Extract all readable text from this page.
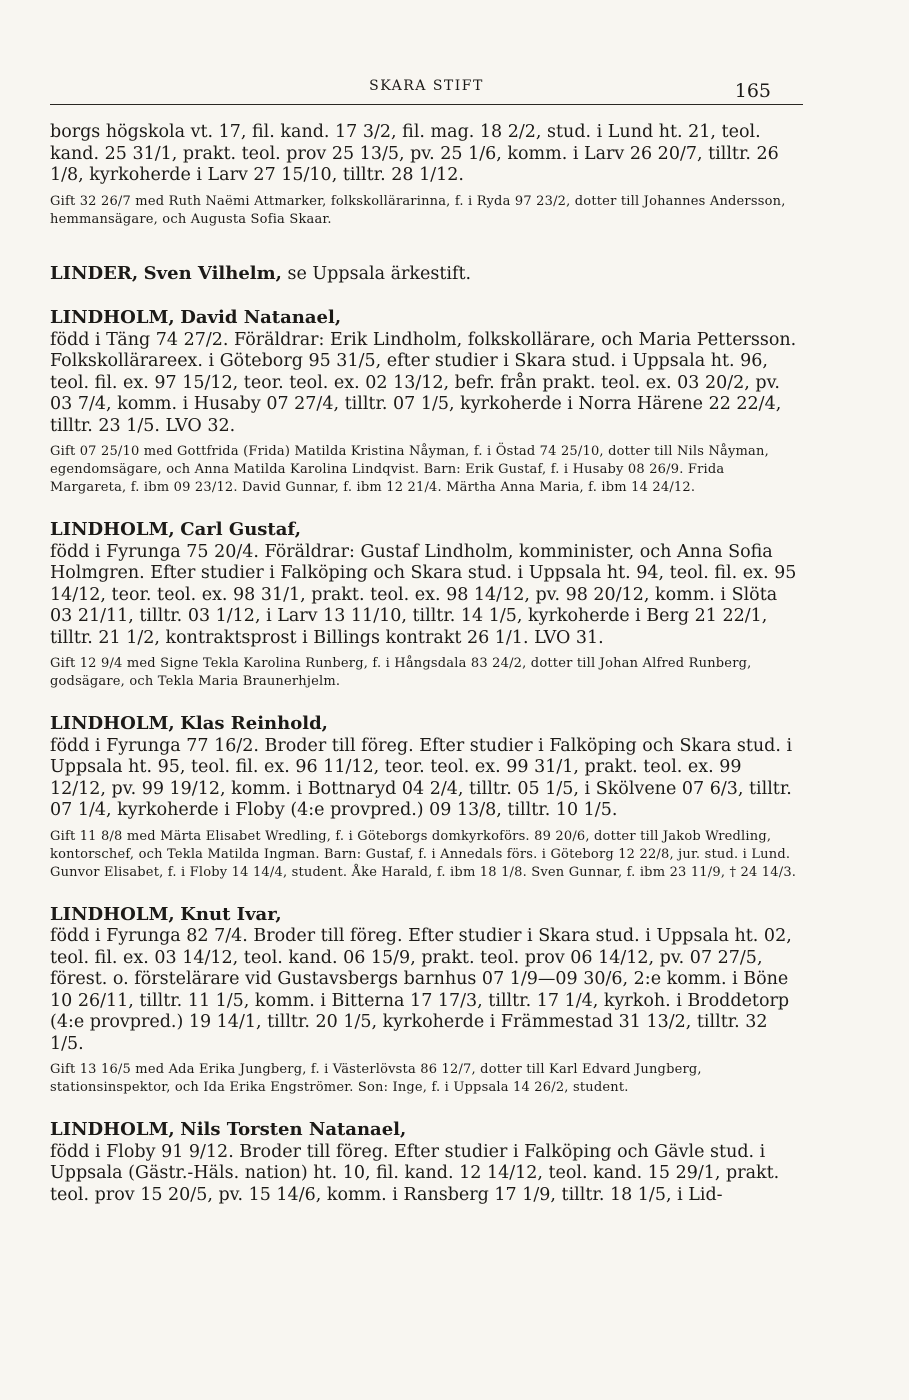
SKARA STIFT	165

borgs högskola vt. 17, fil. kand. 17 3/2, fil. mag. 18 2/2, stud. i Lund ht. 21, teol. kand. 25 31/1, prakt. teol. prov 25 13/5, pv. 25 1/6, komm. i Larv 26 20/7, tilltr. 26 1/8, kyrkoherde i Larv 27 15/10, tilltr. 28 1/12.

Gift 32 26/7 med Ruth Naëmi Attmarker, folkskollärarinna, f. i Ryda 97 23/2, dotter till Johannes Andersson, hemmansägare, och Augusta Sofia Skaar.

LINDER, Sven Vilhelm, se Uppsala ärkestift.

LINDHOLM, David Natanael,

född i Täng 74 27/2. Föräldrar: Erik Lindholm, folkskollärare, och Maria Pettersson. Folkskollärareex. i Göteborg 95 31/5, efter studier i Skara stud. i Uppsala ht. 96, teol. fil. ex. 97 15/12, teor. teol. ex. 02 13/12, befr. från prakt. teol. ex. 03 20/2, pv. 03 7/4, komm. i Husaby 07 27/4, tilltr. 07 1/5, kyrkoherde i Norra Härene 22 22/4, tilltr. 23 1/5. LVO 32.

Gift 07 25/10 med Gottfrida (Frida) Matilda Kristina Nåyman, f. i Östad 74 25/10, dotter till Nils Nåyman, egendomsägare, och Anna Matilda Karolina Lindqvist. Barn: Erik Gustaf, f. i Husaby 08 26/9. Frida Margareta, f. ibm 09 23/12. David Gunnar, f. ibm 12 21/4. Märtha Anna Maria, f. ibm 14 24/12.

LINDHOLM, Carl Gustaf,

född i Fyrunga 75 20/4. Föräldrar: Gustaf Lindholm, komminister, och Anna Sofia Holmgren. Efter studier i Falköping och Skara stud. i Uppsala ht. 94, teol. fil. ex. 95 14/12, teor. teol. ex. 98 31/1, prakt. teol. ex. 98 14/12, pv. 98 20/12, komm. i Slöta 03 21/11, tilltr. 03 1/12, i Larv 13 11/10, tilltr. 14 1/5, kyrkoherde i Berg 21 22/1, tilltr. 21 1/2, kontraktsprost i Billings kontrakt 26 1/1. LVO 31.

Gift 12 9/4 med Signe Tekla Karolina Runberg, f. i Hångsdala 83 24/2, dotter till Johan Alfred Runberg, godsägare, och Tekla Maria Braunerhjelm.

LINDHOLM, Klas Reinhold,

född i Fyrunga 77 16/2. Broder till föreg. Efter studier i Falköping och Skara stud. i Uppsala ht. 95, teol. fil. ex. 96 11/12, teor. teol. ex. 99 31/1, prakt. teol. ex. 99 12/12, pv. 99 19/12, komm. i Bottnaryd 04 2/4, tilltr. 05 1/5, i Skölvene 07 6/3, tilltr. 07 1/4, kyrkoherde i Floby (4:e provpred.) 09 13/8, tilltr. 10 1/5.

Gift 11 8/8 med Märta Elisabet Wredling, f. i Göteborgs domkyrkoförs. 89 20/6, dotter till Jakob Wredling, kontorschef, och Tekla Matilda Ingman. Barn: Gustaf, f. i Annedals förs. i Göteborg 12 22/8, jur. stud. i Lund. Gunvor Elisabet, f. i Floby 14 14/4, student. Åke Harald, f. ibm 18 1/8. Sven Gunnar, f. ibm 23 11/9, † 24 14/3.

LINDHOLM, Knut Ivar,

född i Fyrunga 82 7/4. Broder till föreg. Efter studier i Skara stud. i Uppsala ht. 02, teol. fil. ex. 03 14/12, teol. kand. 06 15/9, prakt. teol. prov 06 14/12, pv. 07 27/5, förest. o. förstelärare vid Gustavsbergs barnhus 07 1/9—09 30/6, 2:e komm. i Böne 10 26/11, tilltr. 11 1/5, komm. i Bitterna 17 17/3, tilltr. 17 1/4, kyrkoh. i Broddetorp (4:e provpred.) 19 14/1, tilltr. 20 1/5, kyrkoherde i Främmestad 31 13/2, tilltr. 32 1/5.

Gift 13 16/5 med Ada Erika Jungberg, f. i Västerlövsta 86 12/7, dotter till Karl Edvard Jungberg, stationsinspektor, och Ida Erika Engströmer. Son: Inge, f. i Uppsala 14 26/2, student.

LINDHOLM, Nils Torsten Natanael,

född i Floby 91 9/12. Broder till föreg. Efter studier i Falköping och Gävle stud. i Uppsala (Gästr.-Häls. nation) ht. 10, fil. kand. 12 14/12, teol. kand. 15 29/1, prakt. teol. prov 15 20/5, pv. 15 14/6, komm. i Ransberg 17 1/9, tilltr. 18 1/5, i Lid-
